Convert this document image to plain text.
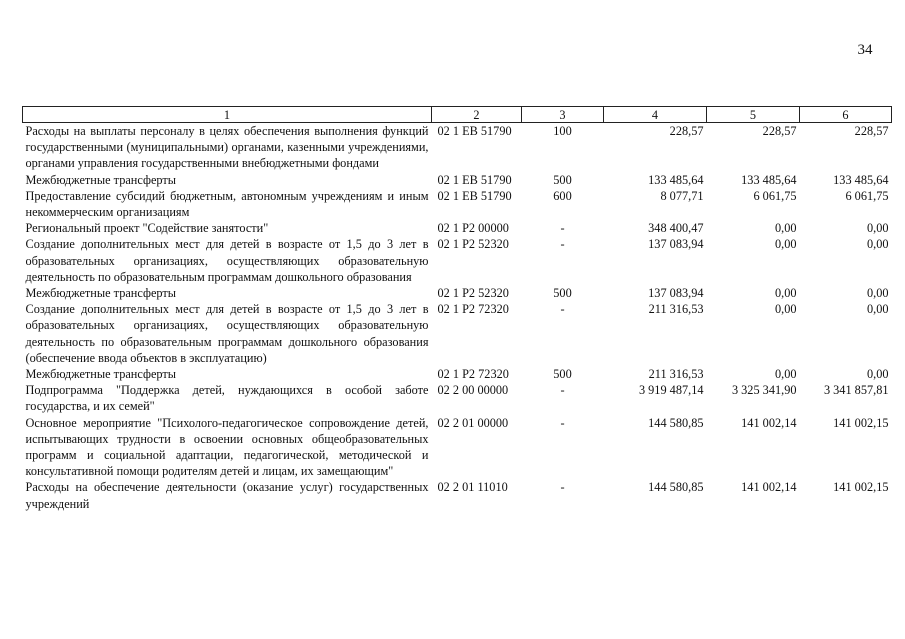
34
1	2	3	4	5	6
Расходы на выплаты персоналу в целях обеспечения выполнения функций государственными (муниципальными) органами, казенными учреждениями, органами управления государственными внебюджетными фондами	02 1 ЕВ 51790	100	228,57	228,57	228,57
Межбюджетные трансферты	02 1 ЕВ 51790	500	133 485,64	133 485,64	133 485,64
Предоставление субсидий бюджетным, автономным учреждениям и иным некоммерческим организациям	02 1 ЕВ 51790	600	8 077,71	6 061,75	6 061,75
Региональный проект "Содействие занятости"	02 1 Р2 00000	-	348 400,47	0,00	0,00
Создание дополнительных мест для детей в возрасте от 1,5 до 3 лет в образовательных организациях, осуществляющих образовательную деятельность по образовательным программам дошкольного образования	02 1 Р2 52320	-	137 083,94	0,00	0,00
Межбюджетные трансферты	02 1 Р2 52320	500	137 083,94	0,00	0,00
Создание дополнительных мест для детей в возрасте от 1,5 до 3 лет в образовательных организациях, осуществляющих образовательную деятельность по образовательным программам дошкольного образования (обеспечение ввода объектов в эксплуатацию)	02 1 Р2 72320	-	211 316,53	0,00	0,00
Межбюджетные трансферты	02 1 Р2 72320	500	211 316,53	0,00	0,00
Подпрограмма "Поддержка детей, нуждающихся в особой заботе государства, и их семей"	02 2 00 00000	-	3 919 487,14	3 325 341,90	3 341 857,81
Основное мероприятие "Психолого-педагогическое сопровождение детей, испытывающих трудности в освоении основных общеобразовательных программ и социальной адаптации, педагогической, методической и консультативной помощи родителям детей и лицам, их замещающим"	02 2 01 00000	-	144 580,85	141 002,14	141 002,15
Расходы на обеспечение деятельности (оказание услуг) государственных учреждений	02 2 01 11010	-	144 580,85	141 002,14	141 002,15
